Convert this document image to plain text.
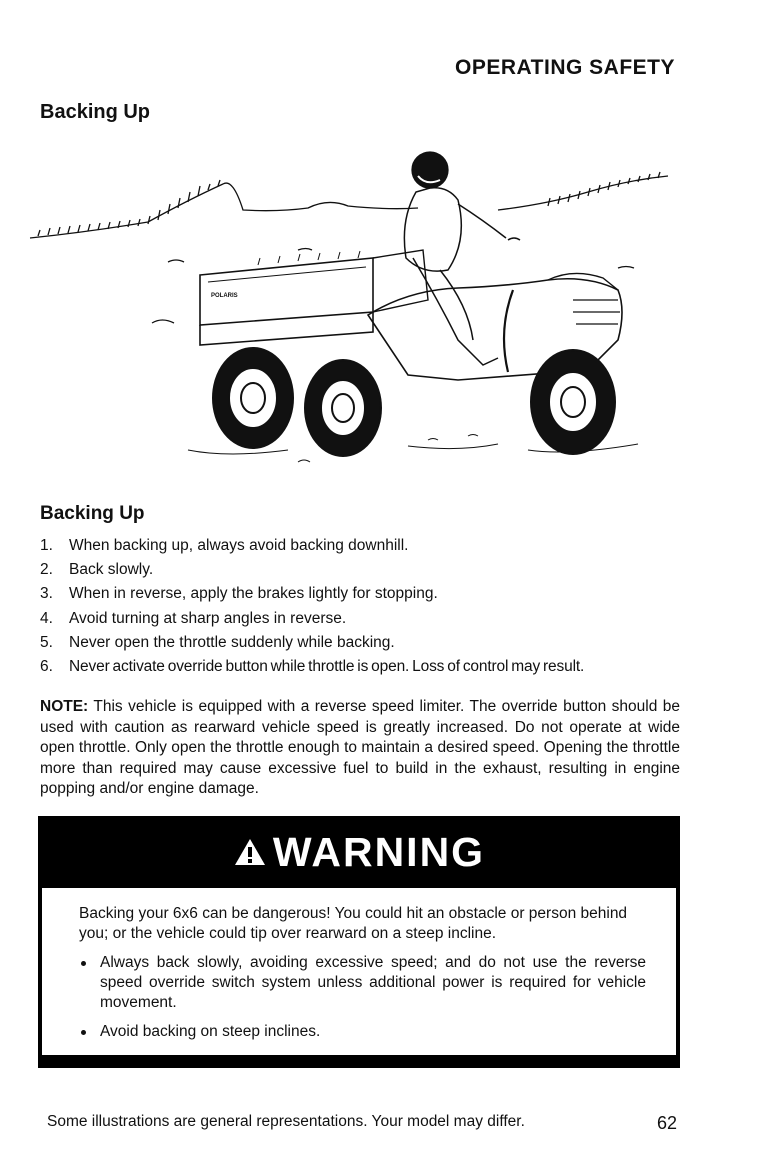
OPERATING SAFETY
Backing Up
POLARIS
Backing Up
1.	When backing up, always avoid backing downhill.
2.	Back slowly.
3.	When in reverse, apply the brakes lightly for stopping.
4.	Avoid turning at sharp angles in reverse.
5.	Never open the throttle suddenly while backing.
6.	Never activate override button while throttle is open. Loss of control may result.
NOTE: This vehicle is equipped with a reverse speed limiter. The override button should be used with caution as rearward vehicle speed is greatly increased. Do not operate at wide open throttle. Only open the throttle enough to maintain a desired speed. Opening the throttle more than required may cause excessive fuel to build in the exhaust, resulting in engine popping and/or engine damage.
WARNING

Backing your 6x6 can be dangerous! You could hit an obstacle or person behind you; or the vehicle could tip over rearward on a steep incline.

Always back slowly, avoiding excessive speed; and do not use the reverse speed override switch system unless additional power is required for vehicle movement.
Avoid backing on steep inclines.
Some illustrations are general representations. Your model may differ.	62
